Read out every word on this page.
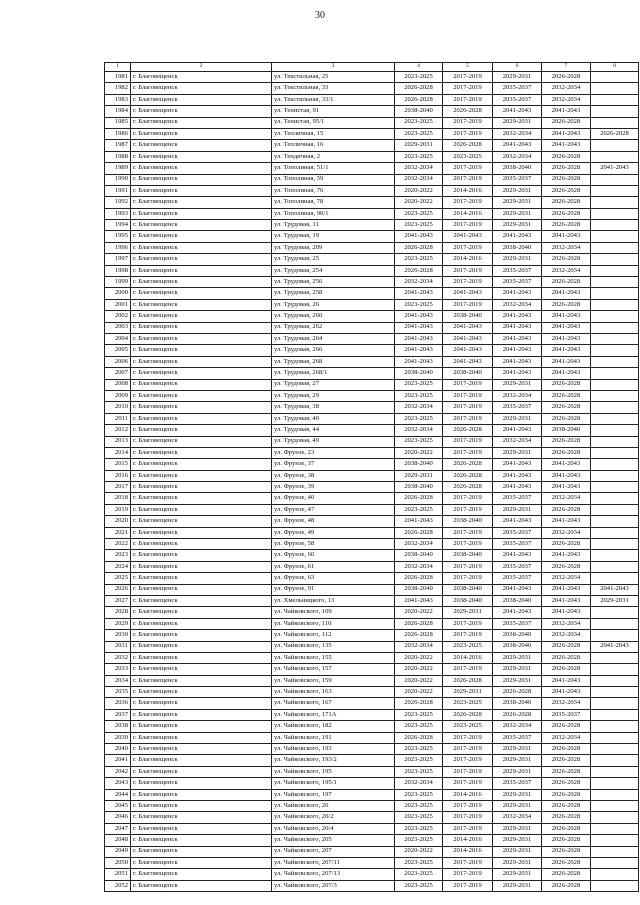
30
1	2	3	4	5	6	7	8
1981	г. Благовещенск	ул. Текстильная, 25	2023-2025	2017-2019	2029-2031	2026-2028	
1982	г. Благовещенск	ул. Текстильная, 33	2026-2028	2017-2019	2035-2037	2032-2034	
1983	г. Благовещенск	ул. Текстильная, 33/1	2026-2028	2017-2019	2035-2037	2032-2034	
1984	г. Благовещенск	ул. Тенистая, 91	2038-2040	2026-2028	2041-2043	2041-2043	
1985	г. Благовещенск	ул. Тенистая, 95/1	2023-2025	2017-2019	2029-2031	2026-2028	
1986	г. Благовещенск	ул. Тепличная, 15	2023-2025	2017-2019	2032-2034	2041-2043	2026-2028
1987	г. Благовещенск	ул. Тепличная, 16	2029-2031	2026-2028	2041-2043	2041-2043	
1988	г. Благовещенск	ул. Тендичная, 2	2023-2025	2023-2025	2032-2034	2026-2028	
1989	г. Благовещенск	ул. Тополиная, 51/1	2032-2034	2017-2019	2038-2040	2026-2028	2041-2043
1990	г. Благовещенск	ул. Тополиная, 59	2032-2034	2017-2019	2035-2037	2026-2028	
1991	г. Благовещенск	ул. Тополиная, 76	2020-2022	2014-2016	2029-2031	2026-2028	
1992	г. Благовещенск	ул. Тополиная, 78	2020-2022	2017-2019	2029-2031	2026-2028	
1993	г. Благовещенск	ул. Тополиная, 90/1	2023-2025	2014-2016	2029-2031	2026-2028	
1994	г. Благовещенск	ул. Трудовая, 11	2023-2025	2017-2019	2029-2031	2026-2028	
1995	г. Благовещенск	ул. Трудовая, 19	2041-2043	2041-2043	2041-2043	2041-2043	
1996	г. Благовещенск	ул. Трудовая, 209	2026-2028	2017-2019	2038-2040	2032-2034	
1997	г. Благовещенск	ул. Трудовая, 25	2023-2025	2014-2016	2029-2031	2026-2028	
1998	г. Благовещенск	ул. Трудовая, 254	2026-2028	2017-2019	2035-2037	2032-2034	
1999	г. Благовещенск	ул. Трудовая, 256	2032-2034	2017-2019	2035-2037	2026-2028	
2000	г. Благовещенск	ул. Трудовая, 258	2041-2043	2041-2043	2041-2043	2041-2043	
2001	г. Благовещенск	ул. Трудовая, 26	2023-2025	2017-2019	2032-2034	2026-2028	
2002	г. Благовещенск	ул. Трудовая, 260	2041-2043	2038-2040	2041-2043	2041-2043	
2003	г. Благовещенск	ул. Трудовая, 262	2041-2043	2041-2043	2041-2043	2041-2043	
2004	г. Благовещенск	ул. Трудовая, 264	2041-2043	2041-2043	2041-2043	2041-2043	
2005	г. Благовещенск	ул. Трудовая, 266	2041-2043	2041-2043	2041-2043	2041-2043	
2006	г. Благовещенск	ул. Трудовая, 268	2041-2043	2041-2043	2041-2043	2041-2043	
2007	г. Благовещенск	ул. Трудовая, 268/1	2038-2040	2038-2040	2041-2043	2041-2043	
2008	г. Благовещенск	ул. Трудовая, 27	2023-2025	2017-2019	2029-2031	2026-2028	
2009	г. Благовещенск	ул. Трудовая, 29	2023-2025	2017-2019	2032-2034	2026-2028	
2010	г. Благовещенск	ул. Трудовая, 38	2032-2034	2017-2019	2035-2037	2026-2028	
2011	г. Благовещенск	ул. Трудовая, 40	2023-2025	2017-2019	2029-2031	2026-2028	
2012	г. Благовещенск	ул. Трудовая, 44	2032-2034	2026-2028	2041-2043	2038-2040	
2013	г. Благовещенск	ул. Трудовая, 49	2023-2025	2017-2019	2032-2034	2026-2028	
2014	г. Благовещенск	ул. Фрунзе, 23	2020-2022	2017-2019	2029-2031	2026-2028	
2015	г. Благовещенск	ул. Фрунзе, 37	2038-2040	2026-2028	2041-2043	2041-2043	
2016	г. Благовещенск	ул. Фрунзе, 38	2029-2031	2026-2028	2041-2043	2041-2043	
2017	г. Благовещенск	ул. Фрунзе, 39	2038-2040	2026-2028	2041-2043	2041-2043	
2018	г. Благовещенск	ул. Фрунзе, 40	2026-2028	2017-2019	2035-2037	2032-2034	
2019	г. Благовещенск	ул. Фрунзе, 47	2023-2025	2017-2019	2029-2031	2026-2028	
2020	г. Благовещенск	ул. Фрунзе, 48	2041-2043	2038-2040	2041-2043	2041-2043	
2021	г. Благовещенск	ул. Фрунзе, 49	2026-2028	2017-2019	2035-2037	2032-2034	
2022	г. Благовещенск	ул. Фрунзе, 58	2032-2034	2017-2019	2035-2037	2026-2028	
2023	г. Благовещенск	ул. Фрунзе, 60	2038-2040	2038-2040	2041-2043	2041-2043	
2024	г. Благовещенск	ул. Фрунзе, 61	2032-2034	2017-2019	2035-2037	2026-2028	
2025	г. Благовещенск	ул. Фрунзе, 63	2026-2028	2017-2019	2035-2037	2032-2034	
2026	г. Благовещенск	ул. Фрунзе, 91	2038-2040	2038-2040	2041-2043	2041-2043	2041-2043
2027	г. Благовещенск	ул. Хмельницкого, 13	2041-2043	2038-2040	2038-2040	2041-2043	2029-2031
2028	г. Благовещенск	ул. Чайковского, 109	2020-2022	2029-2031	2041-2043	2041-2043	
2029	г. Благовещенск	ул. Чайковского, 110	2026-2028	2017-2019	2035-2037	2032-2034	
2030	г. Благовещенск	ул. Чайковского, 112	2026-2028	2017-2019	2038-2040	2032-2034	
2031	г. Благовещенск	ул. Чайковского, 135	2032-2034	2023-2025	2038-2040	2026-2028	2041-2043
2032	г. Благовещенск	ул. Чайковского, 155	2020-2022	2014-2016	2029-2031	2026-2028	
2033	г. Благовещенск	ул. Чайковского, 157	2020-2022	2017-2019	2029-2031	2026-2028	
2034	г. Благовещенск	ул. Чайковского, 159	2020-2022	2026-2028	2029-2031	2041-2043	
2035	г. Благовещенск	ул. Чайковского, 163	2020-2022	2029-2031	2026-2028	2041-2043	
2036	г. Благовещенск	ул. Чайковского, 167	2026-2028	2023-2025	2038-2040	2032-2034	
2037	г. Благовещенск	ул. Чайковского, 171А	2023-2025	2026-2028	2026-2028	2035-2037	
2038	г. Благовещенск	ул. Чайковского, 182	2023-2025	2023-2025	2032-2034	2026-2028	
2039	г. Благовещенск	ул. Чайковского, 191	2026-2028	2017-2019	2035-2037	2032-2034	
2040	г. Благовещенск	ул. Чайковского, 193	2023-2025	2017-2019	2029-2031	2026-2028	
2041	г. Благовещенск	ул. Чайковского, 193/2	2023-2025	2017-2019	2029-2031	2026-2028	
2042	г. Благовещенск	ул. Чайковского, 195	2023-2025	2017-2019	2029-2031	2026-2028	
2043	г. Благовещенск	ул. Чайковского, 195/1	2032-2034	2017-2019	2035-2037	2026-2028	
2044	г. Благовещенск	ул. Чайковского, 197	2023-2025	2014-2016	2029-2031	2026-2028	
2045	г. Благовещенск	ул. Чайковского, 20	2023-2025	2017-2019	2029-2031	2026-2028	
2046	г. Благовещенск	ул. Чайковского, 20/2	2023-2025	2017-2019	2032-2034	2026-2028	
2047	г. Благовещенск	ул. Чайковского, 20/4	2023-2025	2017-2019	2029-2031	2026-2028	
2048	г. Благовещенск	ул. Чайковского, 205	2023-2025	2014-2016	2029-2031	2026-2028	
2049	г. Благовещенск	ул. Чайковского, 207	2020-2022	2014-2016	2029-2031	2026-2028	
2050	г. Благовещенск	ул. Чайковского, 207/11	2023-2025	2017-2019	2029-2031	2026-2028	
2051	г. Благовещенск	ул. Чайковского, 207/13	2023-2025	2017-2019	2029-2031	2026-2028	
2052	г. Благовещенск	ул. Чайковского, 207/3	2023-2025	2017-2019	2029-2031	2026-2028	
